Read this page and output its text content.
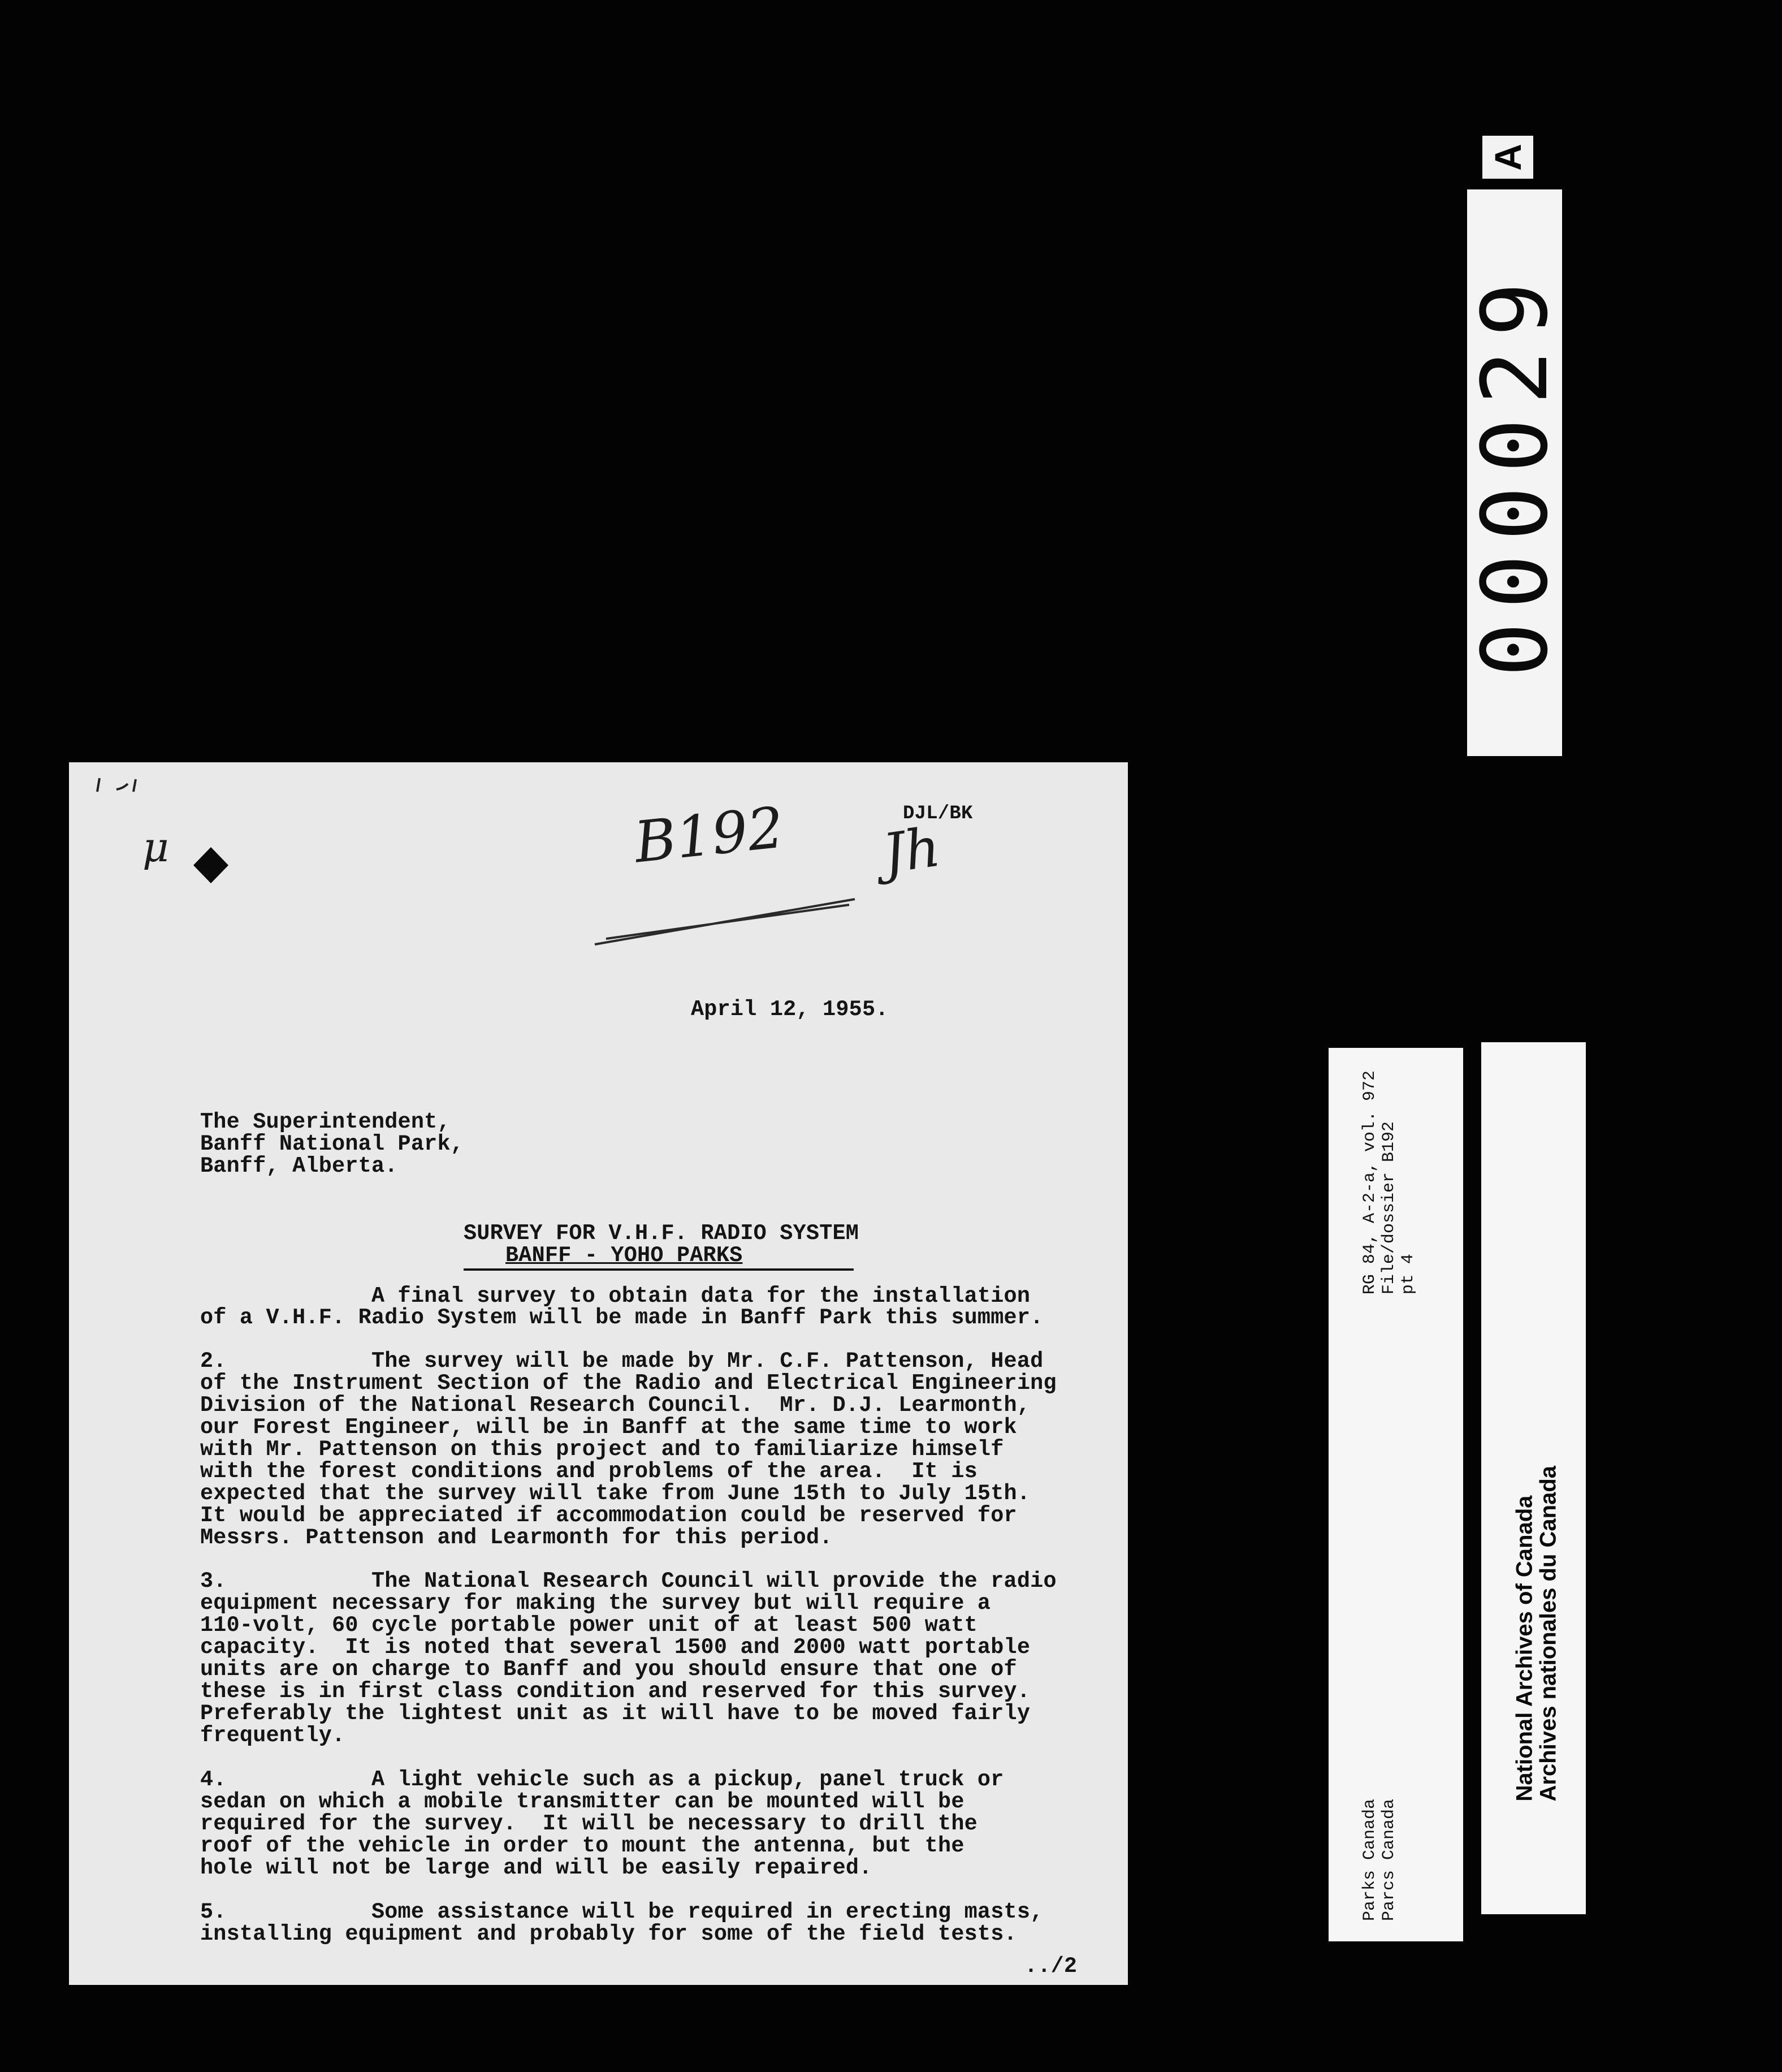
A
000029
Parks Canada Parcs Canada
RG 84, A-2-a, vol. 972 File/dossier B192 pt 4
National Archives of Canada
Archives nationales du Canada
μ	B192	DJL/BK
Jh
April 12, 1955.
The Superintendent,
Banff National Park,
Banff, Alberta.
SURVEY FOR V.H.F. RADIO SYSTEM
BANFF - YOHO PARKS
A final survey to obtain data for the installation
of a V.H.F. Radio System will be made in Banff Park this summer.
2.           The survey will be made by Mr. C.F. Pattenson, Head
of the Instrument Section of the Radio and Electrical Engineering
Division of the National Research Council.  Mr. D.J. Learmonth,
our Forest Engineer, will be in Banff at the same time to work
with Mr. Pattenson on this project and to familiarize himself
with the forest conditions and problems of the area.  It is
expected that the survey will take from June 15th to July 15th.
It would be appreciated if accommodation could be reserved for
Messrs. Pattenson and Learmonth for this period.
3.           The National Research Council will provide the radio
equipment necessary for making the survey but will require a
110-volt, 60 cycle portable power unit of at least 500 watt
capacity.  It is noted that several 1500 and 2000 watt portable
units are on charge to Banff and you should ensure that one of
these is in first class condition and reserved for this survey.
Preferably the lightest unit as it will have to be moved fairly
frequently.
4.           A light vehicle such as a pickup, panel truck or
sedan on which a mobile transmitter can be mounted will be
required for the survey.  It will be necessary to drill the
roof of the vehicle in order to mount the antenna, but the
hole will not be large and will be easily repaired.
5.           Some assistance will be required in erecting masts,
installing equipment and probably for some of the field tests.
../2
